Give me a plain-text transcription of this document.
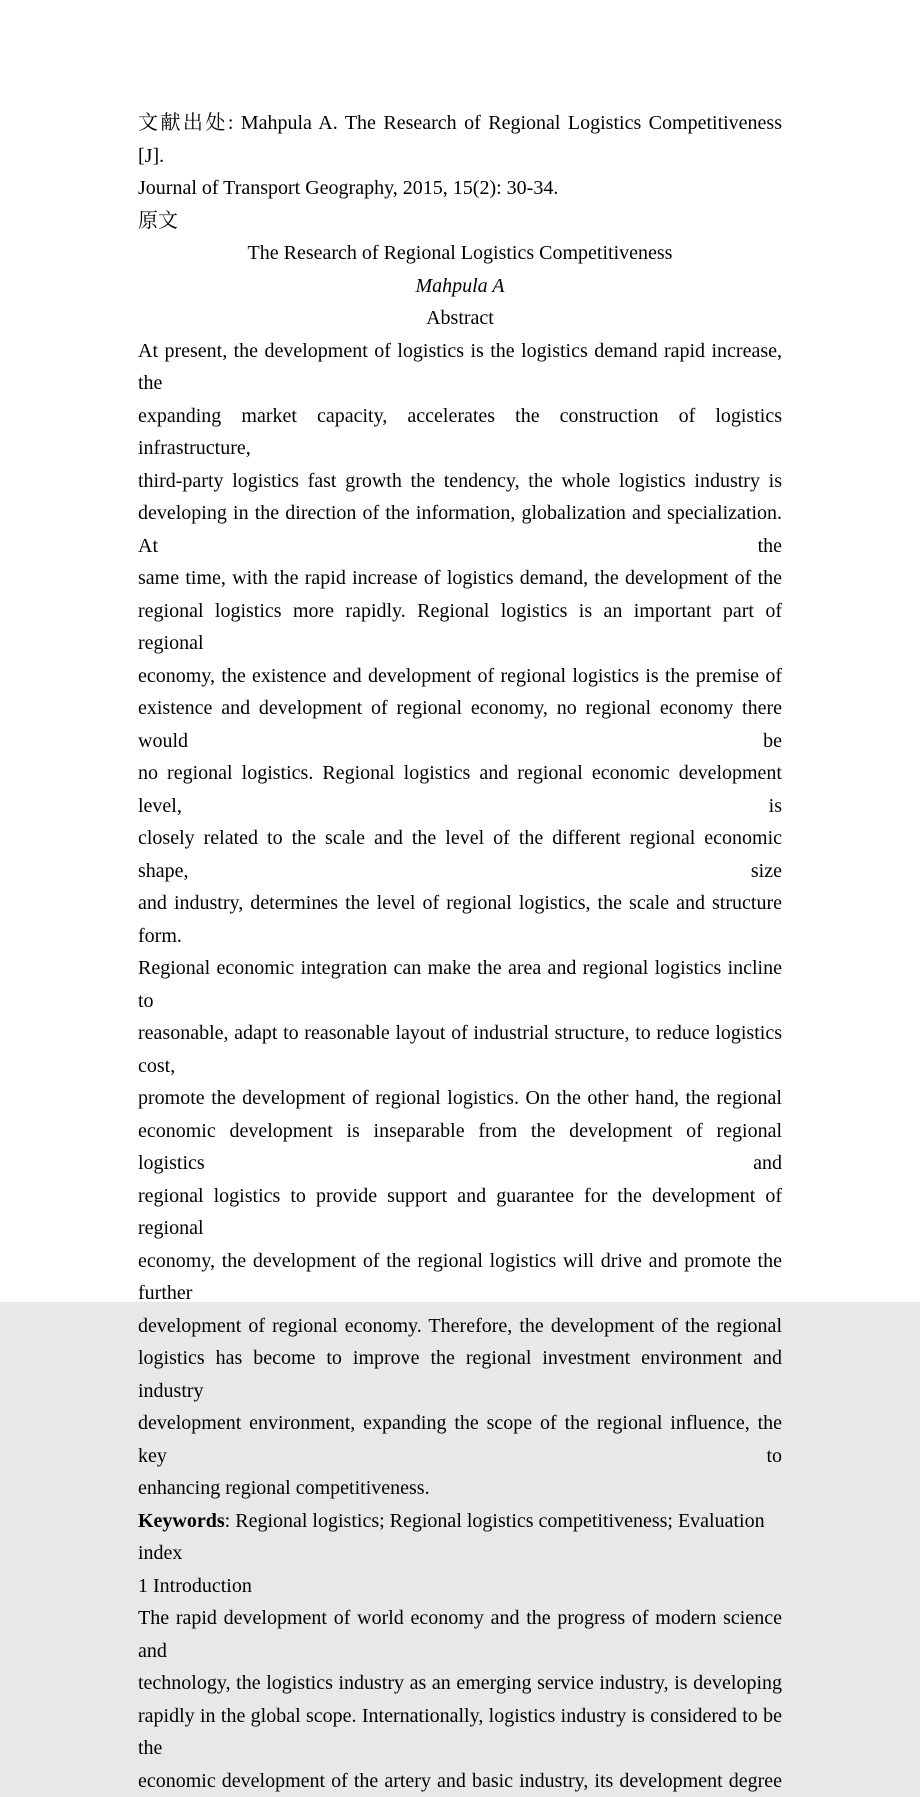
文献出处: Mahpula A. The Research of Regional Logistics Competitiveness [J].
Journal of Transport Geography, 2015, 15(2): 30-34.
原文
The Research of Regional Logistics Competitiveness
Mahpula A
Abstract
At present, the development of logistics is the logistics demand rapid increase, the
expanding market capacity, accelerates the construction of logistics infrastructure,
third-party logistics fast growth the tendency, the whole logistics industry is
developing in the direction of the information, globalization and specialization. At the
same time, with the rapid increase of logistics demand, the development of the
regional logistics more rapidly. Regional logistics is an important part of regional
economy, the existence and development of regional logistics is the premise of
existence and development of regional economy, no regional economy there would be
no regional logistics. Regional logistics and regional economic development level, is
closely related to the scale and the level of the different regional economic shape, size
and industry, determines the level of regional logistics, the scale and structure form.
Regional economic integration can make the area and regional logistics incline to
reasonable, adapt to reasonable layout of industrial structure, to reduce logistics cost,
promote the development of regional logistics. On the other hand, the regional
economic development is inseparable from the development of regional logistics and
regional logistics to provide support and guarantee for the development of regional
economy, the development of the regional logistics will drive and promote the further
development of regional economy. Therefore, the development of the regional
logistics has become to improve the regional investment environment and industry
development environment, expanding the scope of the regional influence, the key to
enhancing regional competitiveness.
Keywords: Regional logistics; Regional logistics competitiveness; Evaluation index
1 Introduction
The rapid development of world economy and the progress of modern science and
technology, the logistics industry as an emerging service industry, is developing
rapidly in the global scope. Internationally, logistics industry is considered to be the
economic development of the artery and basic industry, its development degree
